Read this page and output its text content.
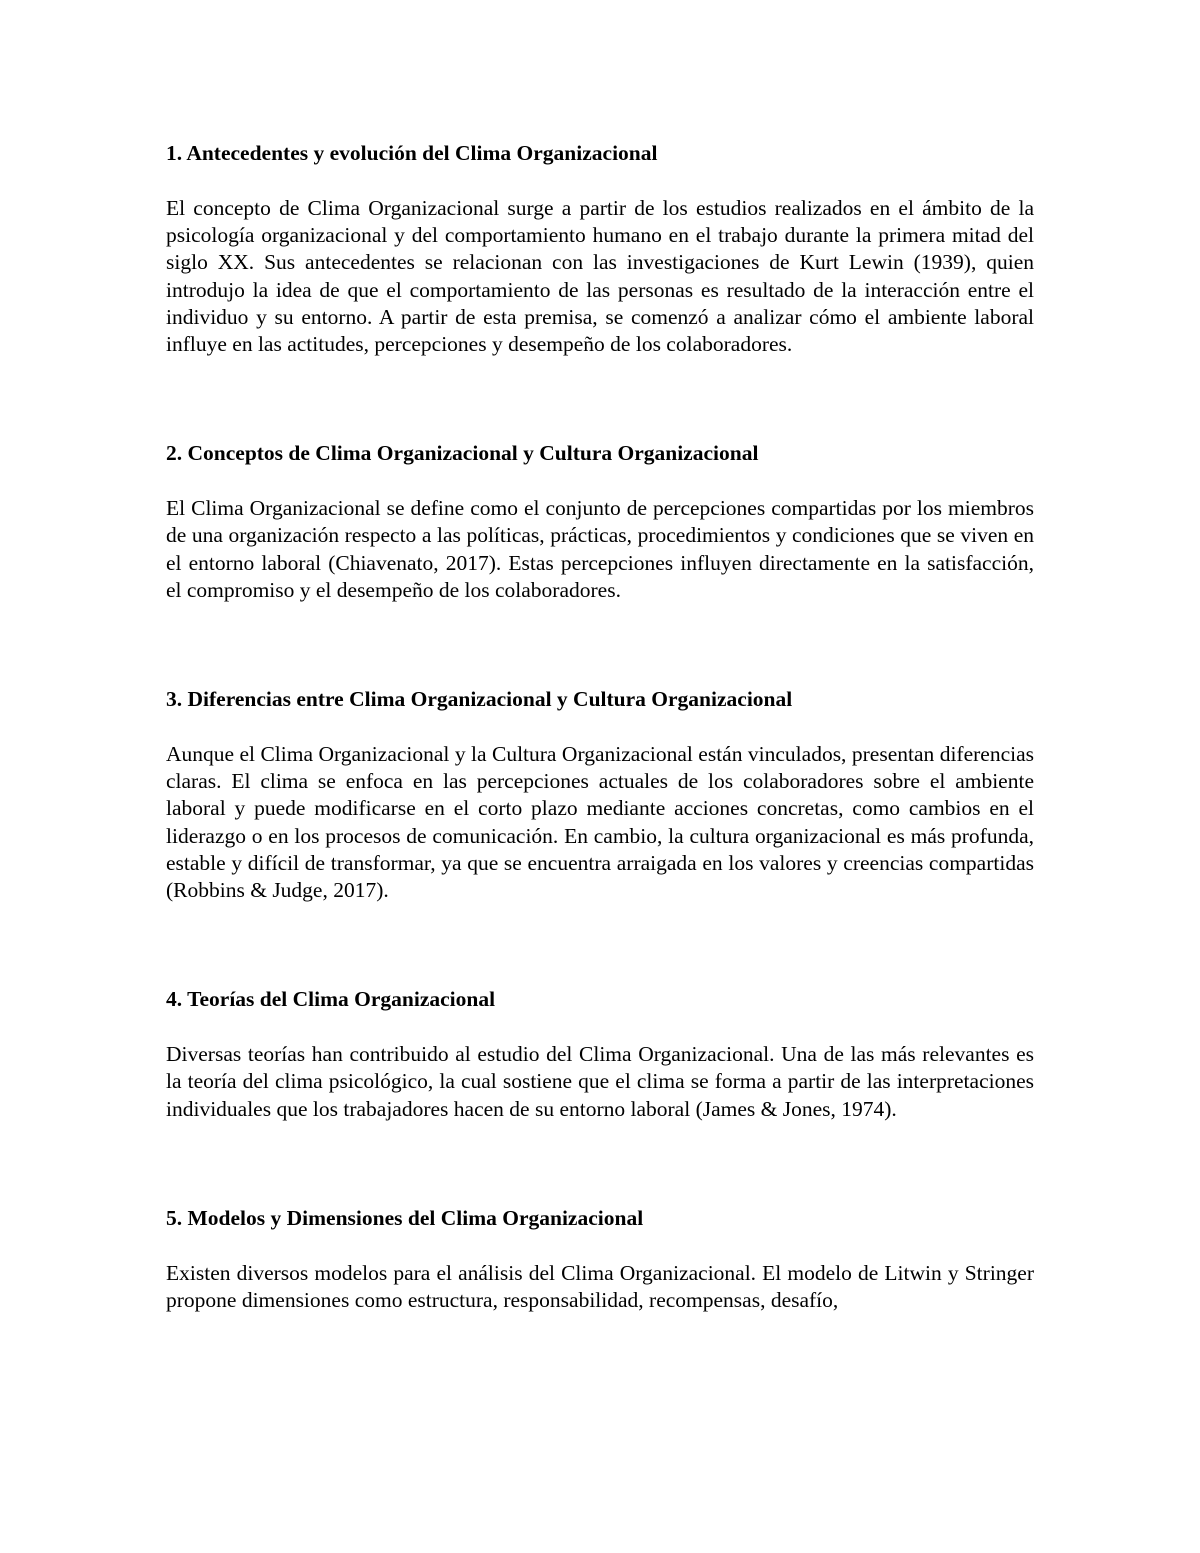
1. Antecedentes y evolución del Clima Organizacional

El concepto de Clima Organizacional surge a partir de los estudios realizados en el ámbito de la psicología organizacional y del comportamiento humano en el trabajo durante la primera mitad del siglo XX. Sus antecedentes se relacionan con las investigaciones de Kurt Lewin (1939), quien introdujo la idea de que el comportamiento de las personas es resultado de la interacción entre el individuo y su entorno. A partir de esta premisa, se comenzó a analizar cómo el ambiente laboral influye en las actitudes, percepciones y desempeño de los colaboradores.

2. Conceptos de Clima Organizacional y Cultura Organizacional

El Clima Organizacional se define como el conjunto de percepciones compartidas por los miembros de una organización respecto a las políticas, prácticas, procedimientos y condiciones que se viven en el entorno laboral (Chiavenato, 2017). Estas percepciones influyen directamente en la satisfacción, el compromiso y el desempeño de los colaboradores.

3. Diferencias entre Clima Organizacional y Cultura Organizacional

Aunque el Clima Organizacional y la Cultura Organizacional están vinculados, presentan diferencias claras. El clima se enfoca en las percepciones actuales de los colaboradores sobre el ambiente laboral y puede modificarse en el corto plazo mediante acciones concretas, como cambios en el liderazgo o en los procesos de comunicación. En cambio, la cultura organizacional es más profunda, estable y difícil de transformar, ya que se encuentra arraigada en los valores y creencias compartidas (Robbins & Judge, 2017).

4. Teorías del Clima Organizacional

Diversas teorías han contribuido al estudio del Clima Organizacional. Una de las más relevantes es la teoría del clima psicológico, la cual sostiene que el clima se forma a partir de las interpretaciones individuales que los trabajadores hacen de su entorno laboral (James & Jones, 1974).

5. Modelos y Dimensiones del Clima Organizacional

Existen diversos modelos para el análisis del Clima Organizacional. El modelo de Litwin y Stringer propone dimensiones como estructura, responsabilidad, recompensas, desafío,
